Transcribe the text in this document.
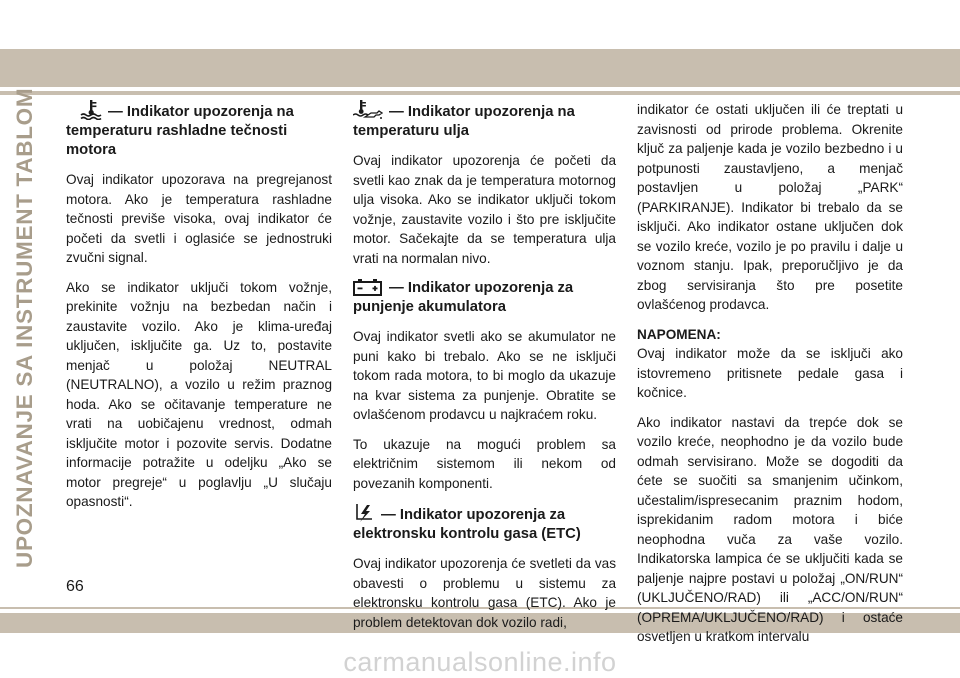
UPOZNAVANJE SA INSTRUMENT TABLOM
66
— Indikator upozorenja na temperaturu rashladne tečnosti motora

Ovaj indikator upozorava na pregrejanost motora. Ako je temperatura rashladne tečnosti previše visoka, ovaj indikator će početi da svetli i oglasiće se jednostruki zvučni signal.

Ako se indikator uključi tokom vožnje, prekinite vožnju na bezbedan način i zaustavite vozilo. Ako je klima-uređaj uključen, isključite ga. Uz to, postavite menjač u položaj NEUTRAL (NEUTRALNO), a vozilo u režim praznog hoda. Ako se očitavanje temperature ne vrati na uobičajenu vrednost, odmah isključite motor i pozovite servis. Dodatne informacije potražite u odeljku „Ako se motor pregreje“ u poglavlju „U slučaju opasnosti“.

— Indikator upozorenja na temperaturu ulja

Ovaj indikator upozorenja će početi da svetli kao znak da je temperatura motornog ulja visoka. Ako se indikator uključi tokom vožnje, zaustavite vozilo i što pre isključite motor. Sačekajte da se temperatura ulja vrati na normalan nivo.

— Indikator upozorenja za punjenje akumulatora

Ovaj indikator svetli ako se akumulator ne puni kako bi trebalo. Ako se ne isključi tokom rada motora, to bi moglo da ukazuje na kvar sistema za punjenje. Obratite se ovlašćenom prodavcu u najkraćem roku.

To ukazuje na mogući problem sa električnim sistemom ili nekom od povezanih komponenti.

— Indikator upozorenja za elektronsku kontrolu gasa (ETC)

Ovaj indikator upozorenja će svetleti da vas obavesti o problemu u sistemu za elektronsku kontrolu gasa (ETC). Ako je problem detektovan dok vozilo radi,

indikator će ostati uključen ili će treptati u zavisnosti od prirode problema. Okrenite ključ za paljenje kada je vozilo bezbedno i u potpunosti zaustavljeno, a menjač postavljen u položaj „PARK“ (PARKIRANJE). Indikator bi trebalo da se isključi. Ako indikator ostane uključen dok se vozilo kreće, vozilo je po pravilu i dalje u voznom stanju. Ipak, preporučljivo je da zbog servisiranja što pre posetite ovlašćenog prodavca.

NAPOMENA:

Ovaj indikator može da se isključi ako istovremeno pritisnete pedale gasa i kočnice.

Ako indikator nastavi da trepće dok se vozilo kreće, neophodno je da vozilo bude odmah servisirano. Može se dogoditi da ćete se suočiti sa smanjenim učinkom, učestalim/ispresecanim praznim hodom, isprekidanim radom motora i biće neophodna vuča za vaše vozilo. Indikatorska lampica će se uključiti kada se paljenje najpre postavi u položaj „ON/RUN“ (UKLJUČENO/RAD) ili „ACC/ON/RUN“ (OPREMA/UKLJUČENO/RAD) i ostaće osvetljen u kratkom intervalu

carmanualsonline.info
